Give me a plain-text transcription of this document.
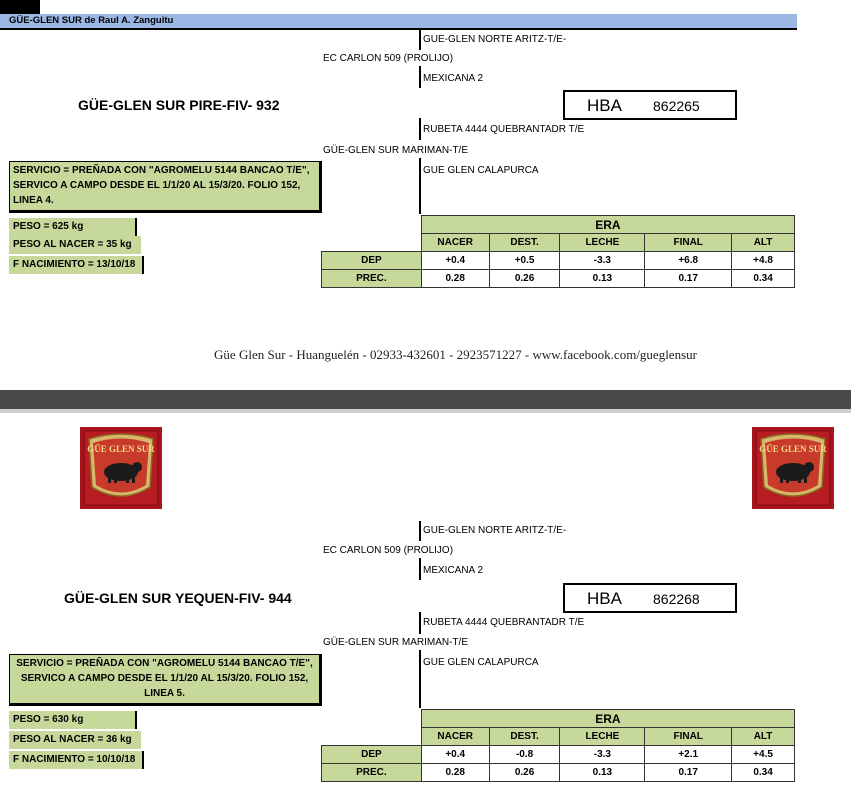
GÜE-GLEN SUR de Raul A. Zanguitu
GUE-GLEN NORTE ARITZ-T/E-
EC CARLON 509 (PROLIJO)
MEXICANA 2
GÜE-GLEN SUR PIRE-FIV- 932	HBA 862265
RUBETA 4444 QUEBRANTADR T/E
GÜE-GLEN SUR MARIMAN-T/E
GUE GLEN CALAPURCA
SERVICIO = PREÑADA CON "AGROMELU 5144 BANCAO T/E", SERVICO A CAMPO DESDE EL 1/1/20 AL 15/3/20. FOLIO 152, LINEA 4.
PESO = 625 kg
PESO AL NACER = 35 kg
F NACIMIENTO = 13/10/18
	ERA				
	NACER	DEST.	LECHE	FINAL	ALT
DEP	+0.4	+0.5	-3.3	+6.8	+4.8
PREC.	0.28	0.26	0.13	0.17	0.34
Güe Glen Sur - Huanguelén - 02933-432601 - 2923571227 - www.facebook.com/gueglensur
GÜE GLEN SUR	GÜE GLEN SUR
GUE-GLEN NORTE ARITZ-T/E-
EC CARLON 509 (PROLIJO)
MEXICANA 2
GÜE-GLEN SUR YEQUEN-FIV- 944	HBA 862268
RUBETA 4444 QUEBRANTADR T/E
GÜE-GLEN SUR MARIMAN-T/E
GUE GLEN CALAPURCA
SERVICIO = PREÑADA CON "AGROMELU 5144 BANCAO T/E", SERVICO A CAMPO DESDE EL 1/1/20 AL 15/3/20. FOLIO 152, LINEA 5.
PESO = 630 kg
PESO AL NACER = 36 kg
F NACIMIENTO = 10/10/18
	ERA				
	NACER	DEST.	LECHE	FINAL	ALT
DEP	+0.4	-0.8	-3.3	+2.1	+4.5
PREC.	0.28	0.26	0.13	0.17	0.34
